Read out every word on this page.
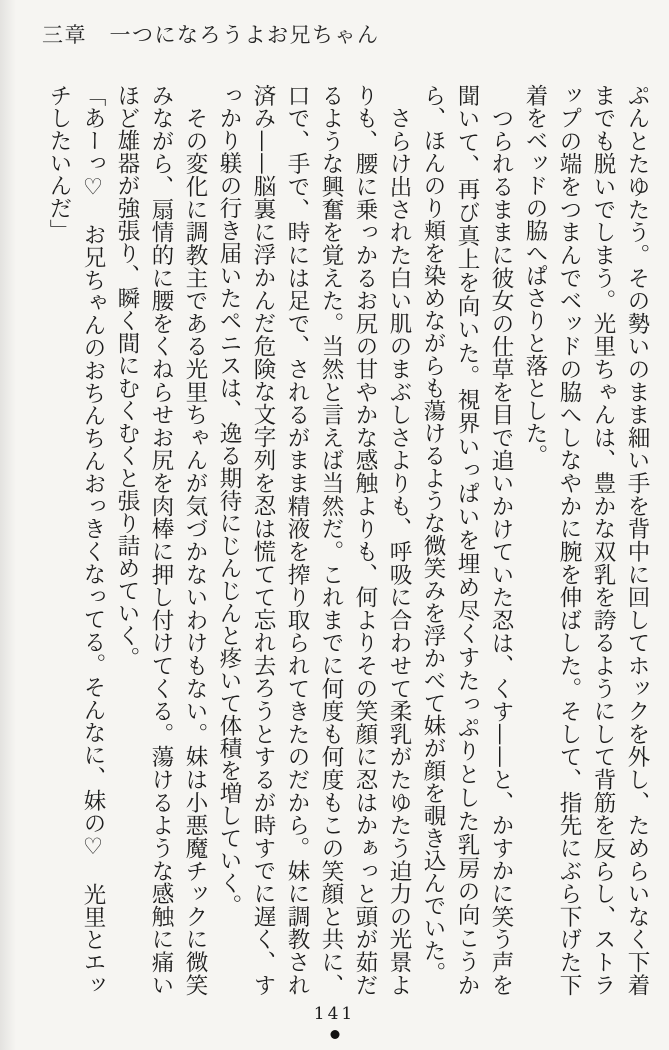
三章　一つになろうよお兄ちゃん

ぷんとたゆたう。その勢いのまま細い手を背中に回してホックを外し、ためらいなく下着までも脱いでしまう。光里ちゃんは、豊かな双乳を誇るようにして背筋を反らし、ストラップの端をつまんでベッドの脇へしなやかに腕を伸ばした。そして、指先にぶら下げた下着をベッドの脇へぱさりと落とした。

　つられるままに彼女の仕草を目で追いかけていた忍は、くす——と、かすかに笑う声を聞いて、再び真上を向いた。視界いっぱいを埋め尽くすたっぷりとした乳房の向こうから、ほんのり頬を染めながらも蕩けるような微笑みを浮かべて妹が顔を覗き込んでいた。

　さらけ出された白い肌のまぶしさよりも、呼吸に合わせて柔乳がたゆたう迫力の光景よりも、腰に乗っかるお尻の甘やかな感触よりも、何よりその笑顔に忍はかぁっと頭が茹だるような興奮を覚えた。当然と言えば当然だ。これまでに何度も何度もこの笑顔と共に、口で、手で、時には足で、されるがまま精液を搾り取られてきたのだから。妹に調教され済み——脳裏に浮かんだ危険な文字列を忍は慌てて忘れ去ろうとするが時すでに遅く、すっかり躾の行き届いたペニスは、逸る期待にじんじんと疼いて体積を増していく。

　その変化に調教主である光里ちゃんが気づかないわけもない。妹は小悪魔チックに微笑みながら、扇情的に腰をくねらせお尻を肉棒に押し付けてくる。蕩けるような感触に痛いほど雄器が強張り、瞬く間にむくむくと張り詰めていく。

「あーっ♡　お兄ちゃんのおちんちんおっきくなってる。そんなに、妹の♡　光里とエッチしたいんだ」

141
